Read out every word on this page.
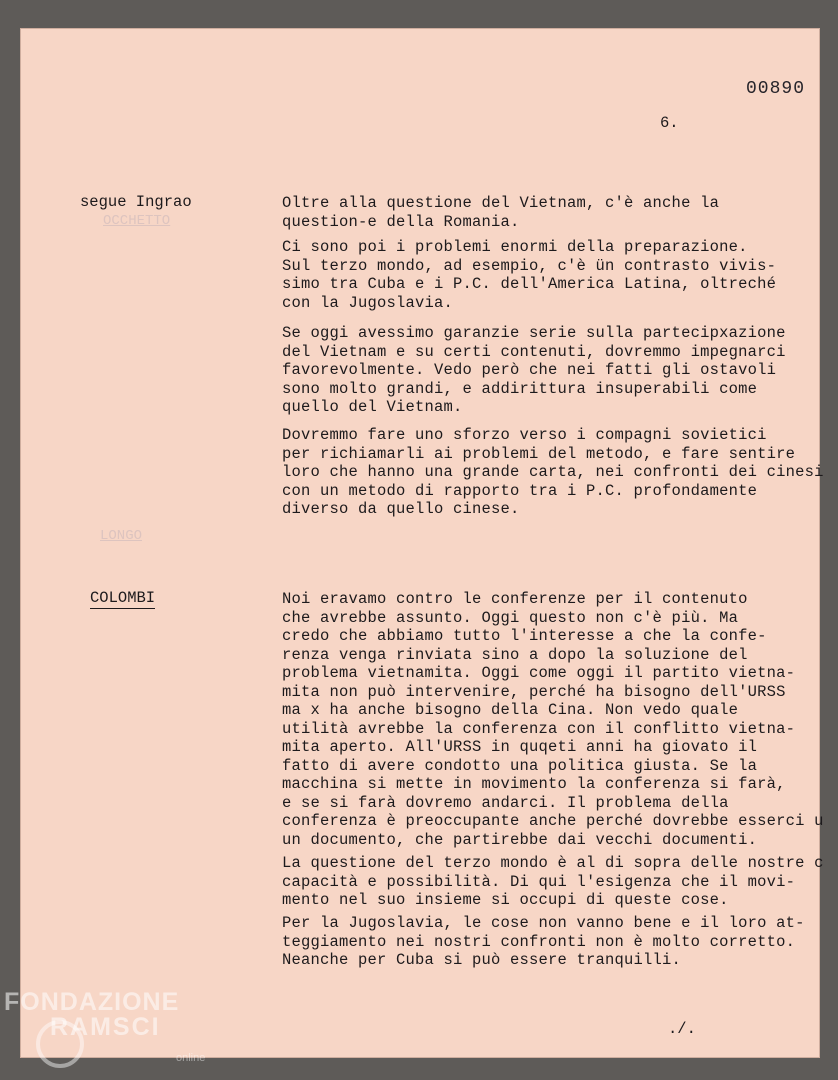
OCCHETTO
LONGO
00890
6.
segue Ingrao
COLOMBI

Oltre alla questione del Vietnam, c'è anche la

question-e della Romania.

Ci sono poi i problemi enormi della preparazione.

Sul terzo mondo, ad esempio, c'è ün contrasto vivis-

simo tra Cuba e i P.C. dell'America Latina, oltreché

con la Jugoslavia.

Se oggi avessimo garanzie serie sulla partecipxazione

del Vietnam e su certi contenuti, dovremmo impegnarci

favorevolmente. Vedo però che nei fatti gli ostavoli

sono molto grandi, e addirittura insuperabili come

quello del Vietnam.

Dovremmo fare uno sforzo verso i compagni sovietici

per richiamarli ai problemi del metodo, e fare sentire

loro che hanno una grande carta, nei confronti dei cinesi

con un metodo di rapporto tra i P.C. profondamente

diverso da quello cinese.

Noi eravamo contro le conferenze per il contenuto

che avrebbe assunto. Oggi questo non c'è più. Ma

credo che abbiamo tutto l'interesse a che la confe-

renza venga rinviata sino a dopo la soluzione del

problema vietnamita. Oggi come oggi il partito vietna-

mita non può intervenire, perché ha bisogno dell'URSS

ma x ha anche bisogno della Cina. Non vedo quale

utilità avrebbe la conferenza con il conflitto vietna-

mita aperto. All'URSS in quqeti anni ha giovato il

fatto di avere condotto una politica giusta. Se la

macchina si mette in movimento la conferenza si farà,

e se si farà dovremo andarci. Il problema della

conferenza è preoccupante anche perché dovrebbe esserci u

un documento, che partirebbe dai vecchi documenti.

La questione del terzo mondo è al di sopra delle nostre c

capacità e possibilità. Di qui l'esigenza che il movi-

mento nel suo insieme si occupi di queste cose.

Per la Jugoslavia, le cose non vanno bene e il loro at-

teggiamento nei nostri confronti non è molto corretto.

Neanche per Cuba si può essere tranquilli.

./.
FONDAZIONE
RAMSCI
online
